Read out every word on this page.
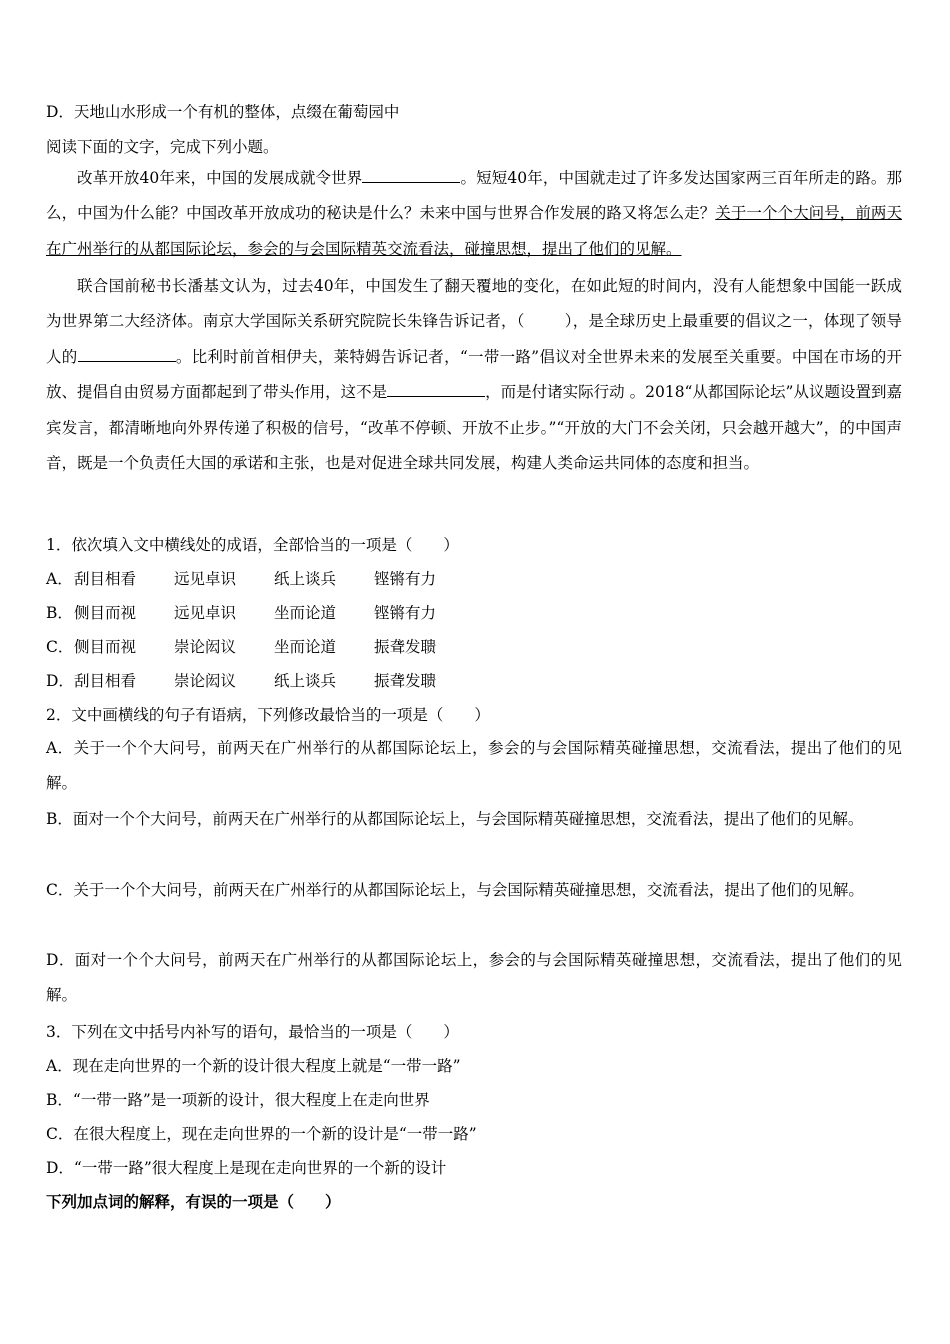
D．天地山水形成一个有机的整体，点缀在葡萄园中
阅读下面的文字，完成下列小题。
改革开放40年来，中国的发展成就令世界	。短短40年，中国就走过了许多发达国家两三百年所走的路。那么，中国为什么能？中国改革开放成功的秘诀是什么？未来中国与世界合作发展的路又将怎么走？关于一个个大问号，前两天在广州举行的从都国际论坛，参会的与会国际精英交流看法，碰撞思想，提出了他们的见解。
联合国前秘书长潘基文认为，过去40年，中国发生了翻天覆地的变化，在如此短的时间内，没有人能想象中国能一跃成为世界第二大经济体。南京大学国际关系研究院院长朱锋告诉记者，（	），是全球历史上最重要的倡议之一，体现了领导人的	。比利时前首相伊夫，莱特姆告诉记者，“一带一路”倡议对全世界未来的发展至关重要。中国在市场的开放、提倡自由贸易方面都起到了带头作用，这不是	，而是付诸实际行动 。2018“从都国际论坛”从议题设置到嘉宾发言，都清晰地向外界传递了积极的信号，“改革不停顿、开放不止步。”“开放的大门不会关闭，只会越开越大”，的中国声音，既是一个负责任大国的承诺和主张，也是对促进全球共同发展，构建人类命运共同体的态度和担当。
1．依次填入文中横线处的成语，全部恰当的一项是（　　）
A．刮目相看 远见卓识 纸上谈兵 铿锵有力
B．侧目而视 远见卓识 坐而论道 铿锵有力
C．侧目而视 崇论闳议 坐而论道 振聋发聩
D．刮目相看 崇论闳议 纸上谈兵 振聋发聩
2．文中画横线的句子有语病，下列修改最恰当的一项是（　　）
A．关于一个个大问号，前两天在广州举行的从都国际论坛上，参会的与会国际精英碰撞思想，交流看法，提出了他们的见解。
B．面对一个个大问号，前两天在广州举行的从都国际论坛上，与会国际精英碰撞思想，交流看法，提出了他们的见解。
C．关于一个个大问号，前两天在广州举行的从都国际论坛上，与会国际精英碰撞思想，交流看法，提出了他们的见解。
D．面对一个个大问号，前两天在广州举行的从都国际论坛上，参会的与会国际精英碰撞思想，交流看法，提出了他们的见解。
3．下列在文中括号内补写的语句，最恰当的一项是（　　）
A．现在走向世界的一个新的设计很大程度上就是“一带一路”
B．“一带一路”是一项新的设计，很大程度上在走向世界
C．在很大程度上，现在走向世界的一个新的设计是“一带一路”
D．“一带一路”很大程度上是现在走向世界的一个新的设计
下列加点词的解释，有误的一项是（　　）
